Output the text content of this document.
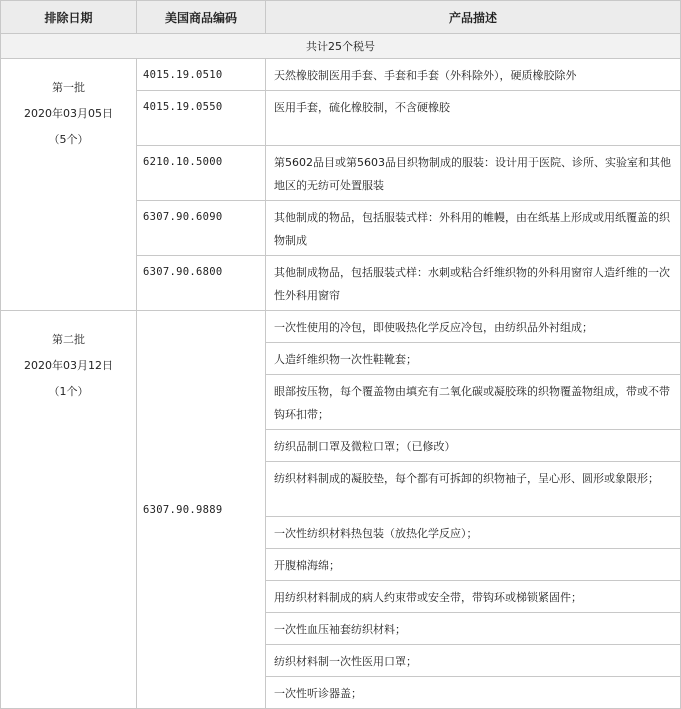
排除日期	美国商品编码	产品描述
共计25个税号		

第一批
2020年03月05日
（5个）	4015.19.0510	天然橡胶制医用手套、手套和手套（外科除外），硬质橡胶除外
	4015.19.0550	医用手套，硫化橡胶制，不含硬橡胶
	6210.10.5000	第5602品目或第5603品目织物制成的服装：设计用于医院、诊所、实验室和其他地区的无纺可处置服装
	6307.90.6090	其他制成的物品，包括服装式样：外科用的帷幔，由在纸基上形成或用纸覆盖的织物制成
	6307.90.6800	其他制成物品，包括服装式样：水刺或粘合纤维织物的外科用窗帘人造纤维的一次性外科用窗帘

第二批
2020年03月12日
（1个）	6307.90.9889	一次性使用的冷包，即使吸热化学反应冷包，由纺织品外衬组成；
		人造纤维织物一次性鞋靴套；
		眼部按压物，每个覆盖物由填充有二氧化碳或凝胶珠的织物覆盖物组成，带或不带钩环扣带；
		纺织品制口罩及微粒口罩；（已修改）
		纺织材料制成的凝胶垫，每个都有可拆卸的织物袖子，呈心形、圆形或象限形；
		一次性纺织材料热包装（放热化学反应）；
		开腹棉海绵；
		用纺织材料制成的病人约束带或安全带，带钩环或梯锁紧固件；
		一次性血压袖套纺织材料；
		纺织材料制一次性医用口罩；
		一次性听诊器盖；
